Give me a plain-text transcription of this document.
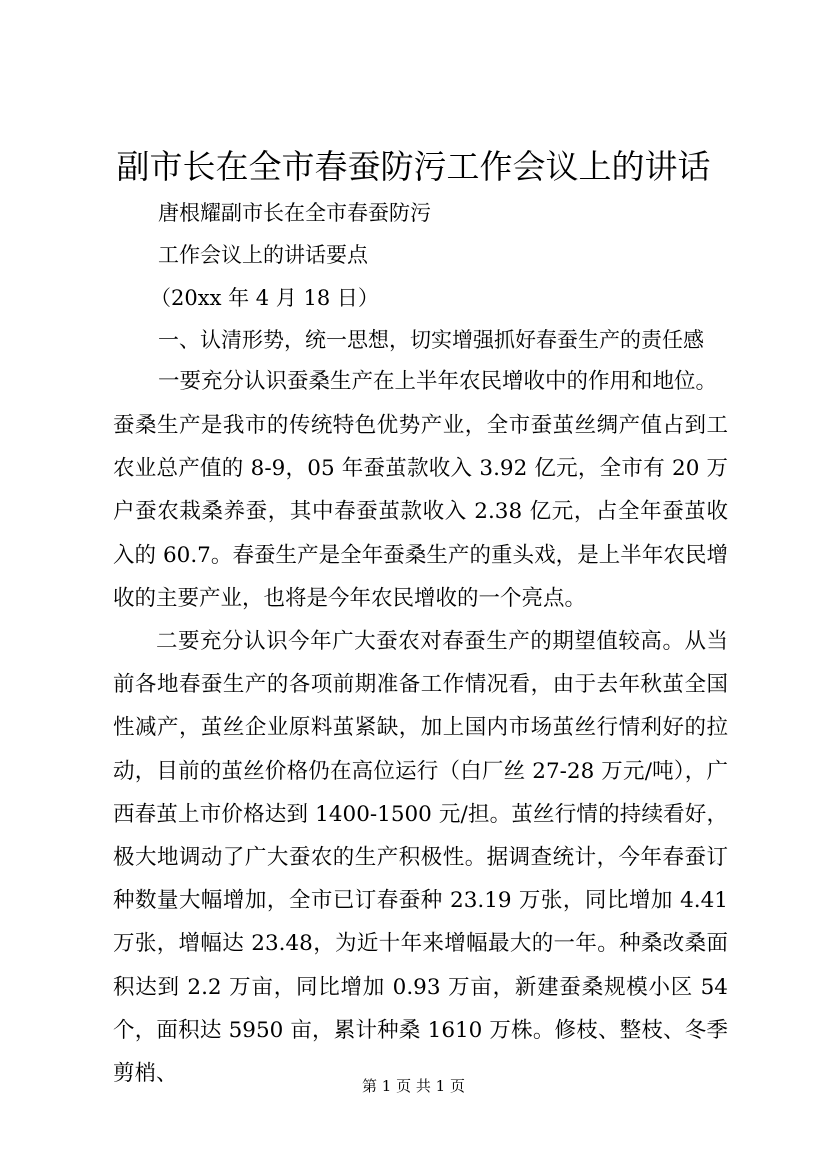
副市长在全市春蚕防污工作会议上的讲话
唐根耀副市长在全市春蚕防污
工作会议上的讲话要点
（20xx 年 4 月 18 日）
一、认清形势，统一思想，切实增强抓好春蚕生产的责任感
一要充分认识蚕桑生产在上半年农民增收中的作用和地位。

蚕桑生产是我市的传统特色优势产业，全市蚕茧丝绸产值占到工农业总产值的 8-9，05 年蚕茧款收入 3.92 亿元，全市有 20 万户蚕农栽桑养蚕，其中春蚕茧款收入 2.38 亿元，占全年蚕茧收入的 60.7。春蚕生产是全年蚕桑生产的重头戏，是上半年农民增收的主要产业，也将是今年农民增收的一个亮点。

二要充分认识今年广大蚕农对春蚕生产的期望值较高。从当前各地春蚕生产的各项前期准备工作情况看，由于去年秋茧全国性减产，茧丝企业原料茧紧缺，加上国内市场茧丝行情利好的拉动，目前的茧丝价格仍在高位运行（白厂丝 27-28 万元/吨），广西春茧上市价格达到 1400-1500 元/担。茧丝行情的持续看好，极大地调动了广大蚕农的生产积极性。据调查统计，今年春蚕订种数量大幅增加，全市已订春蚕种 23.19 万张，同比增加 4.41 万张，增幅达 23.48，为近十年来增幅最大的一年。种桑改桑面积达到 2.2 万亩，同比增加 0.93 万亩，新建蚕桑规模小区 54 个，面积达 5950 亩，累计种桑 1610 万株。修枝、整枝、冬季剪梢、	第 1 页 共 1 页
